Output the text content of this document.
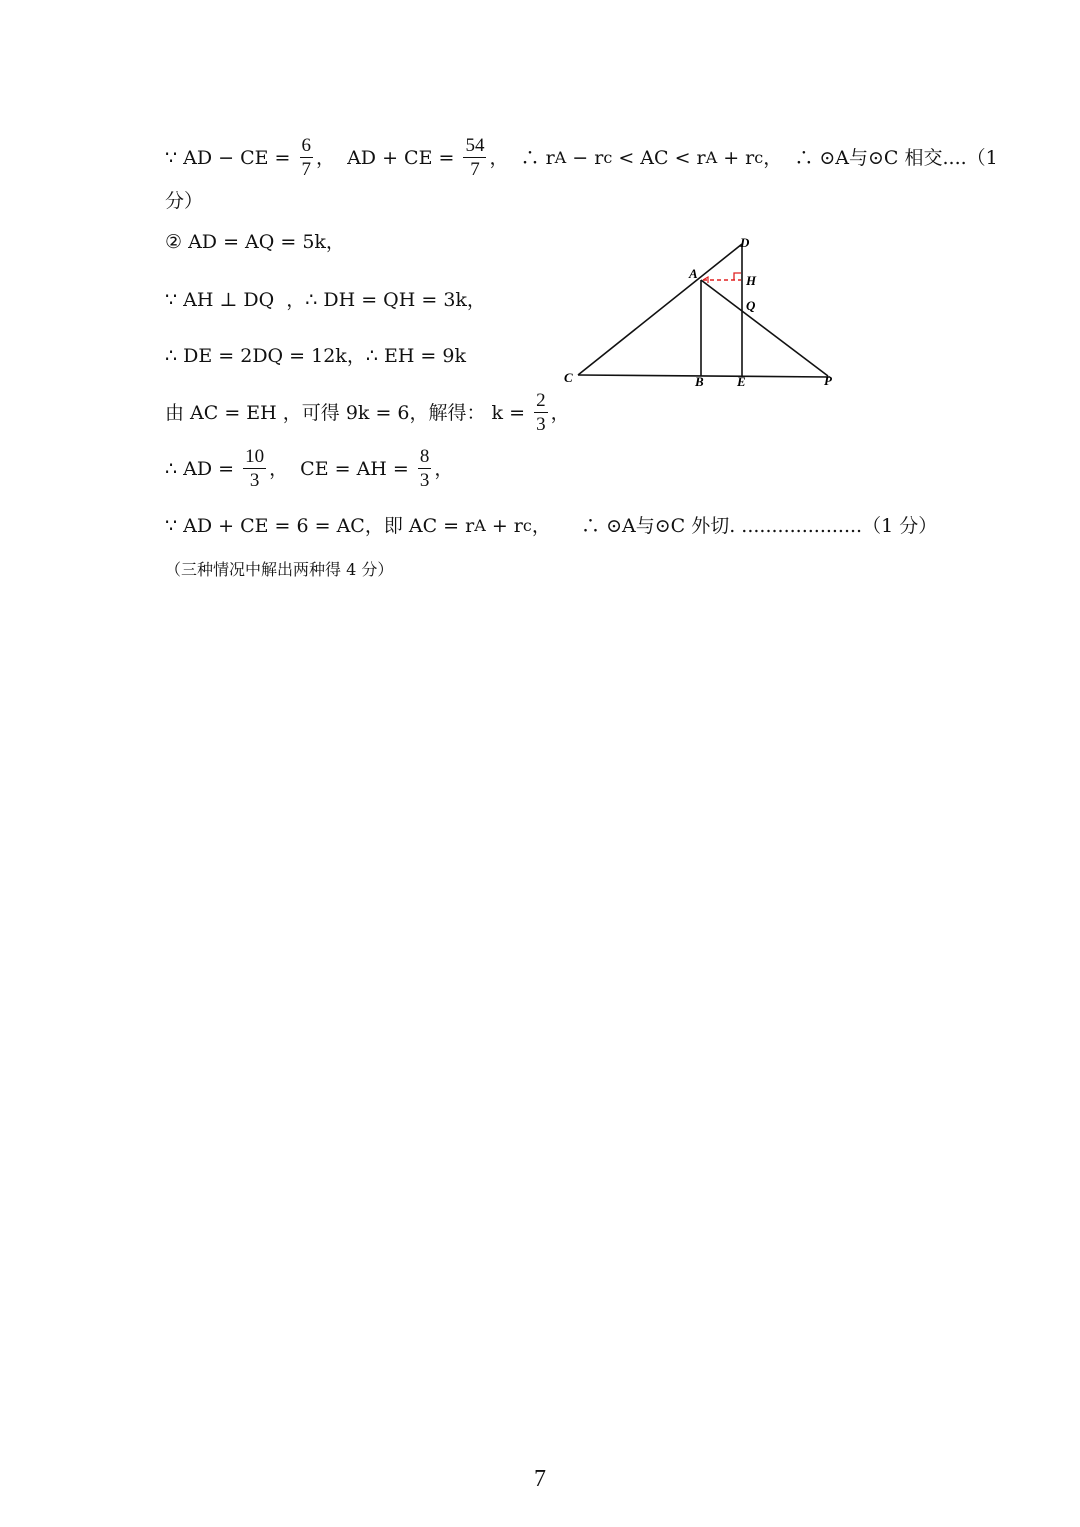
∵ AD − CE = $\frac{6}{7}$ ，  AD + CE = $\frac{54}{7}$ ，  ∴ r A − r c < AC < r A + r c ，  ∴ ⊙A与⊙C 相交....（1
分）
② AD = AQ = 5k，
∵ AH ⊥ DQ  ，∴ DH = QH = 3k，
∴ DE = 2DQ = 12k，∴ EH = 9k
由 AC = EH ，可得 9k = 6，解得： $k = \frac{2}{3}$ ，
∴ AD = $\frac{10}{3}$ ，  CE = AH = $\frac{8}{3}$ ，
∵ AD + CE = 6 = AC，即 AC = r A + r c ，     ∴ ⊙A与⊙C 外切. ....................（1 分）
（三种情况中解出两种得 4 分）
D
A	H
Q
C	B	E	P
7
